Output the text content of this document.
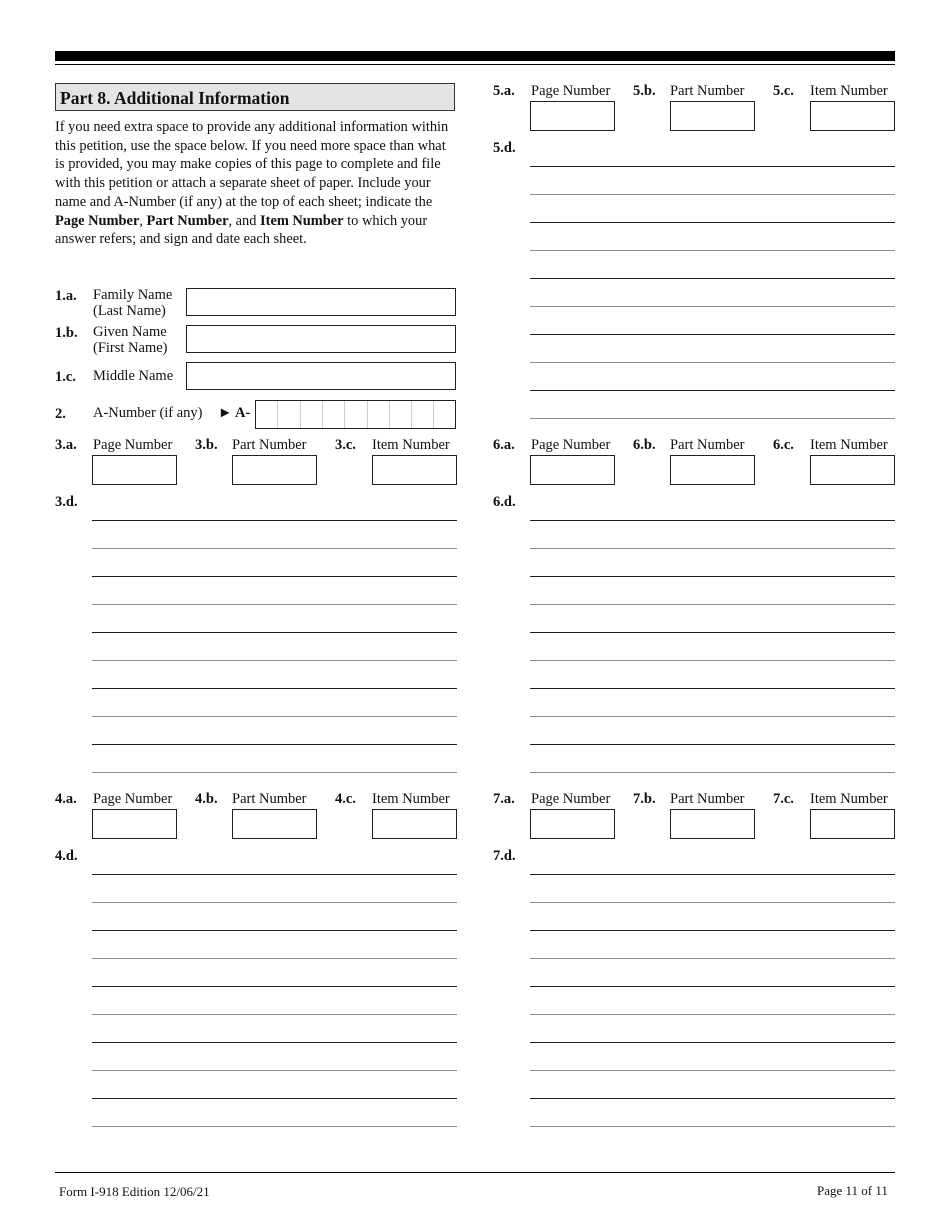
Part 8. Additional Information
If you need extra space to provide any additional information within this petition, use the space below. If you need more space than what is provided, you may make copies of this page to complete and file with this petition or attach a separate sheet of paper. Include your name and A-Number (if any) at the top of each sheet; indicate the Page Number, Part Number, and Item Number to which your answer refers; and sign and date each sheet.
1.a. Family Name
(Last Name)
1.b. Given Name
(First Name)
1.c. Middle Name
2. A-Number (if any) ► A-
3.a. Page Number 3.b. Part Number 3.c. Item Number
3.d.
4.a. Page Number 4.b. Part Number 4.c. Item Number
4.d.
5.a. Page Number 5.b. Part Number 5.c. Item Number
5.d.
6.a. Page Number 6.b. Part Number 6.c. Item Number
6.d.
7.a. Page Number 7.b. Part Number 7.c. Item Number
7.d.
Form I-918 Edition 12/06/21	Page 11 of 11
